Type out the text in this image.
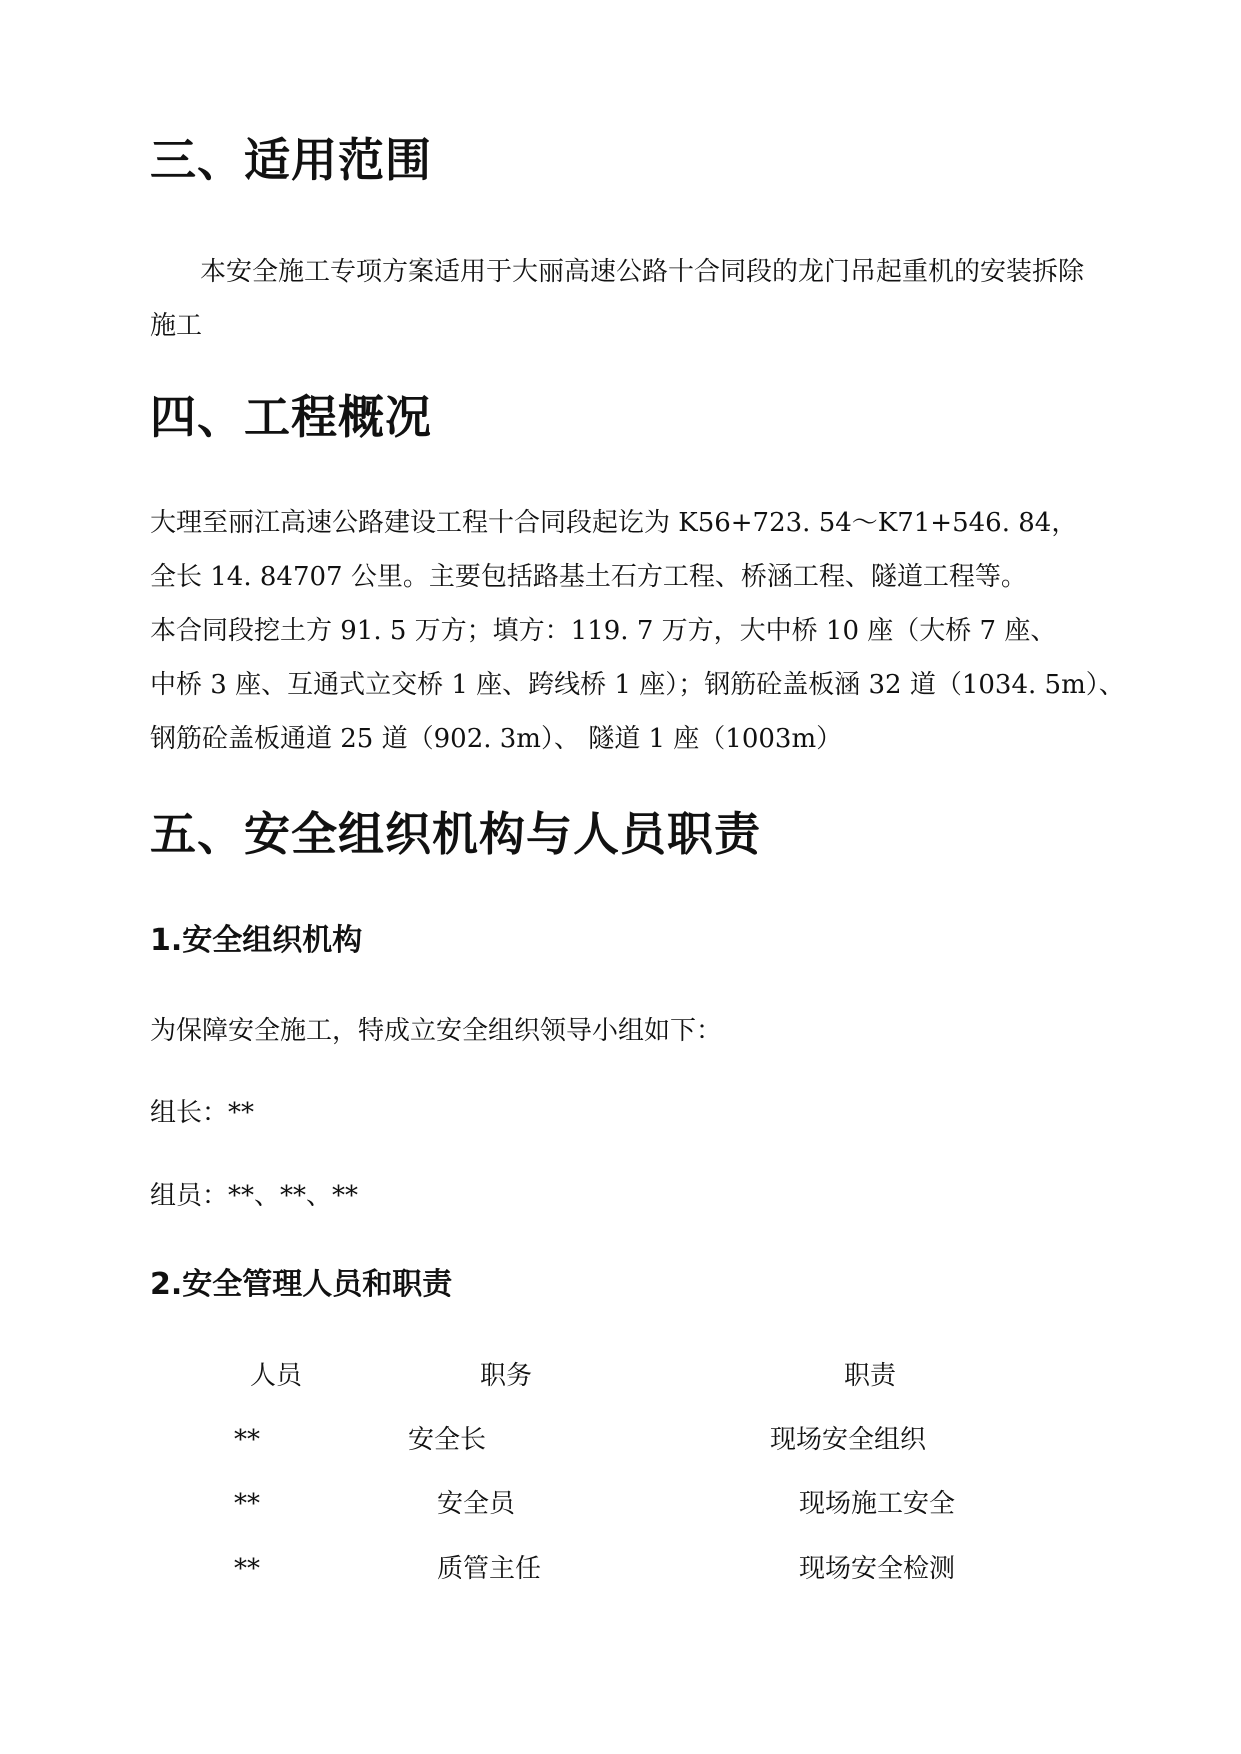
三、适用范围

本安全施工专项方案适用于大丽高速公路十合同段的龙门吊起重机的安装拆除施工

四、工程概况
大理至丽江高速公路建设工程十合同段起讫为 K56+723. 54～K71+546. 84，
全长 14. 84707 公里。主要包括路基土石方工程、桥涵工程、隧道工程等。
本合同段挖土方 91. 5 万方；填方：119. 7 万方，大中桥 10 座（大桥 7 座、
中桥 3 座、互通式立交桥 1 座、跨线桥 1 座）；钢筋砼盖板涵 32 道（1034. 5m）、
钢筋砼盖板通道 25 道（902. 3m）、 隧道 1 座（1003m）
五、安全组织机构与人员职责
1.安全组织机构
为保障安全施工，特成立安全组织领导小组如下：
组长：**
组员：**、**、**
2.安全管理人员和职责
人员	职务	职责
**	安全长	现场安全组织
**	安全员	现场施工安全
**	质管主任	现场安全检测
